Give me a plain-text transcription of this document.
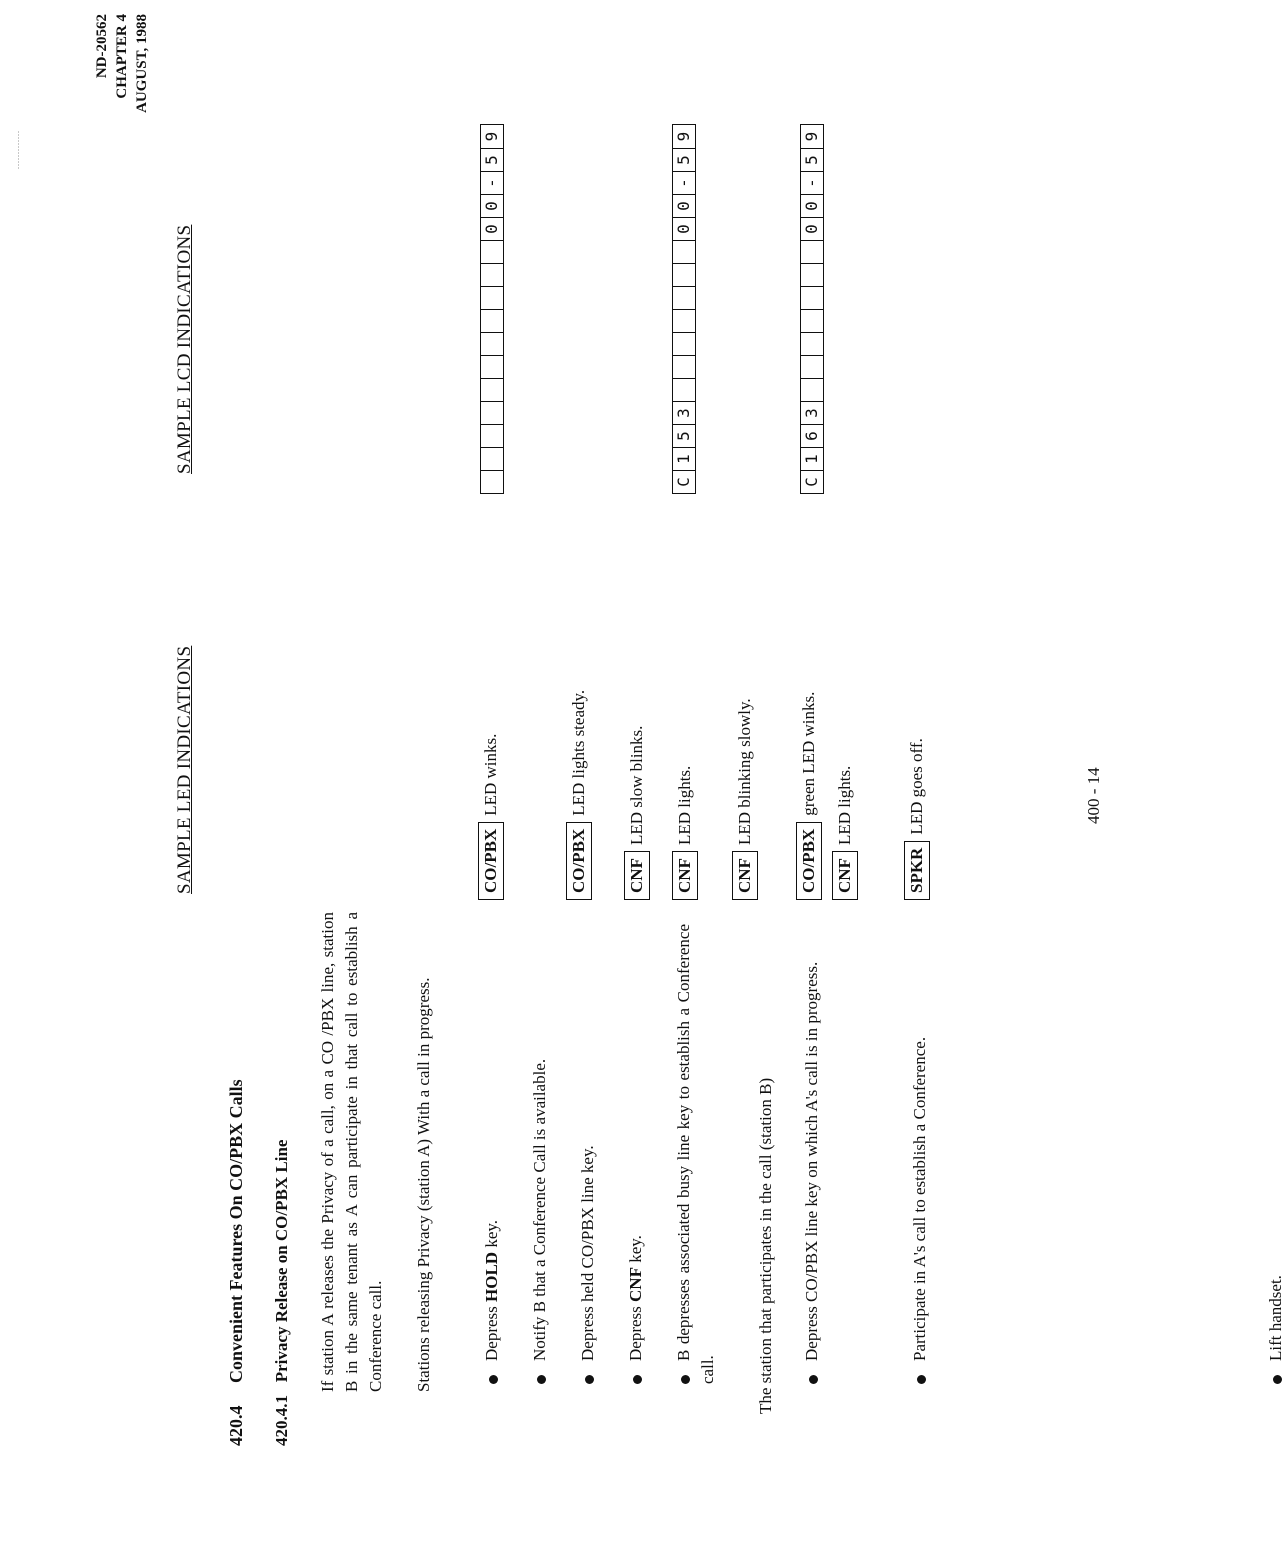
.............
ND-20562 CHAPTER 4 AUGUST, 1988
420.4     Convenient Features On CO/PBX Calls
420.4.1   Privacy Release on CO/PBX Line If station A releases the Privacy of a call, on a CO /PBX line, station B in the same tenant as A can participate in that call to establish a Conference call. Stations releasing Privacy (station A) With a call in progress.
SAMPLE LED INDICATIONS
SAMPLE LCD INDICATIONS
Depress HOLD key.
CO/PBXLED winks.
Notify B that a Conference Call is available. Depress held CO/PBX line key.
CO/PBXLED lights steady.
Depress CNF key.
CNFLED slow blinks.
B depresses associated busy line key to establish a Conference call.
CNFLED lights.
C
1
5
3
0
0
-
5
9
The station that participates in the call (station B)
CNFLED blinking slowly.
Depress CO/PBX line key on which A's call is in progress.
CO/PBXgreen LED winks.
CNFLED lights.
C
1
6
3
0
0
-
5
9
Participate in A's call to establish a Conference.	Lift handset.
SPKRLED goes off.
0
0
-
5
9
400 - 14
